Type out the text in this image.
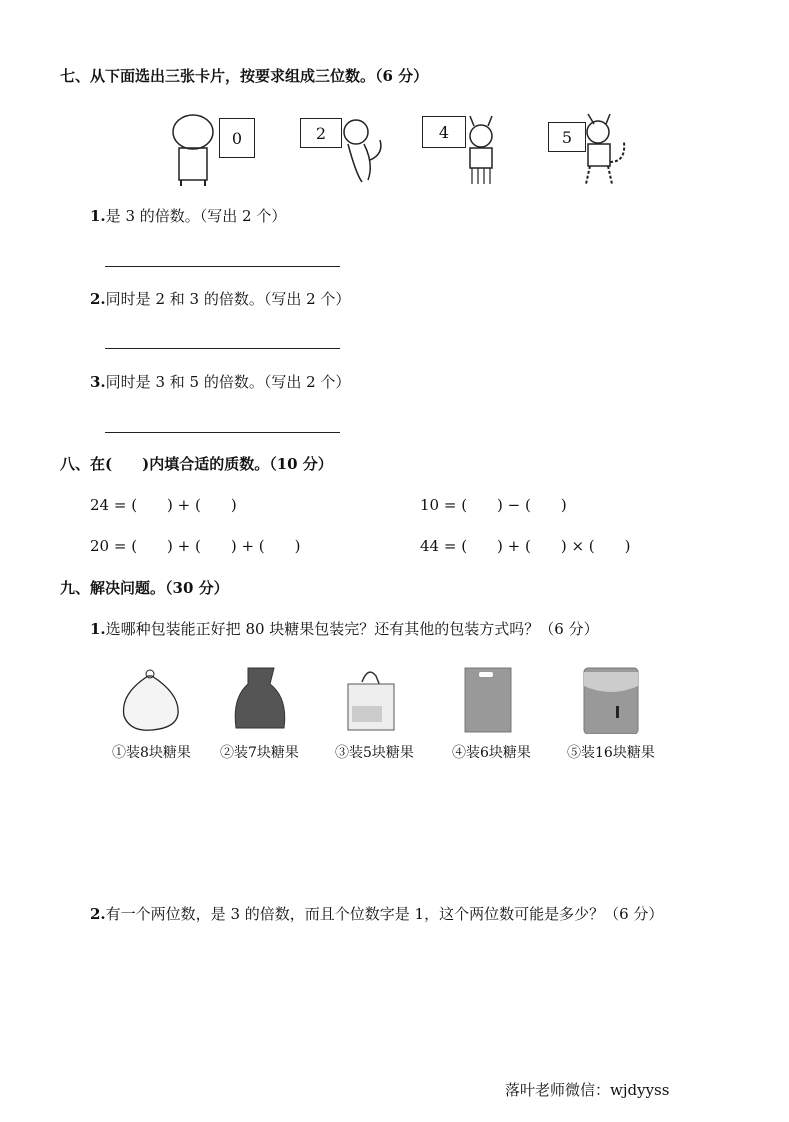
七、从下面选出三张卡片，按要求组成三位数。（6 分）
0	2	4	5
1.是 3 的倍数。（写出 2 个）
2.同时是 2 和 3 的倍数。（写出 2 个）
3.同时是 3 和 5 的倍数。（写出 2 个）
八、在(　　)内填合适的质数。（10 分）
24 = (　　) + (　　)	10 = (　　) − (　　)
20 = (　　) + (　　) + (　　)	44 = (　　) + (　　) × (　　)
九、解决问题。（30 分）
1.选哪种包装能正好把 80 块糖果包装完？还有其他的包装方式吗？（6 分）
①装8块糖果 ②装7块糖果	③装5块糖果	④装6块糖果	⑤装16块糖果
2.有一个两位数，是 3 的倍数，而且个位数字是 1，这个两位数可能是多少？（6 分）
落叶老师微信：wjdyyss
